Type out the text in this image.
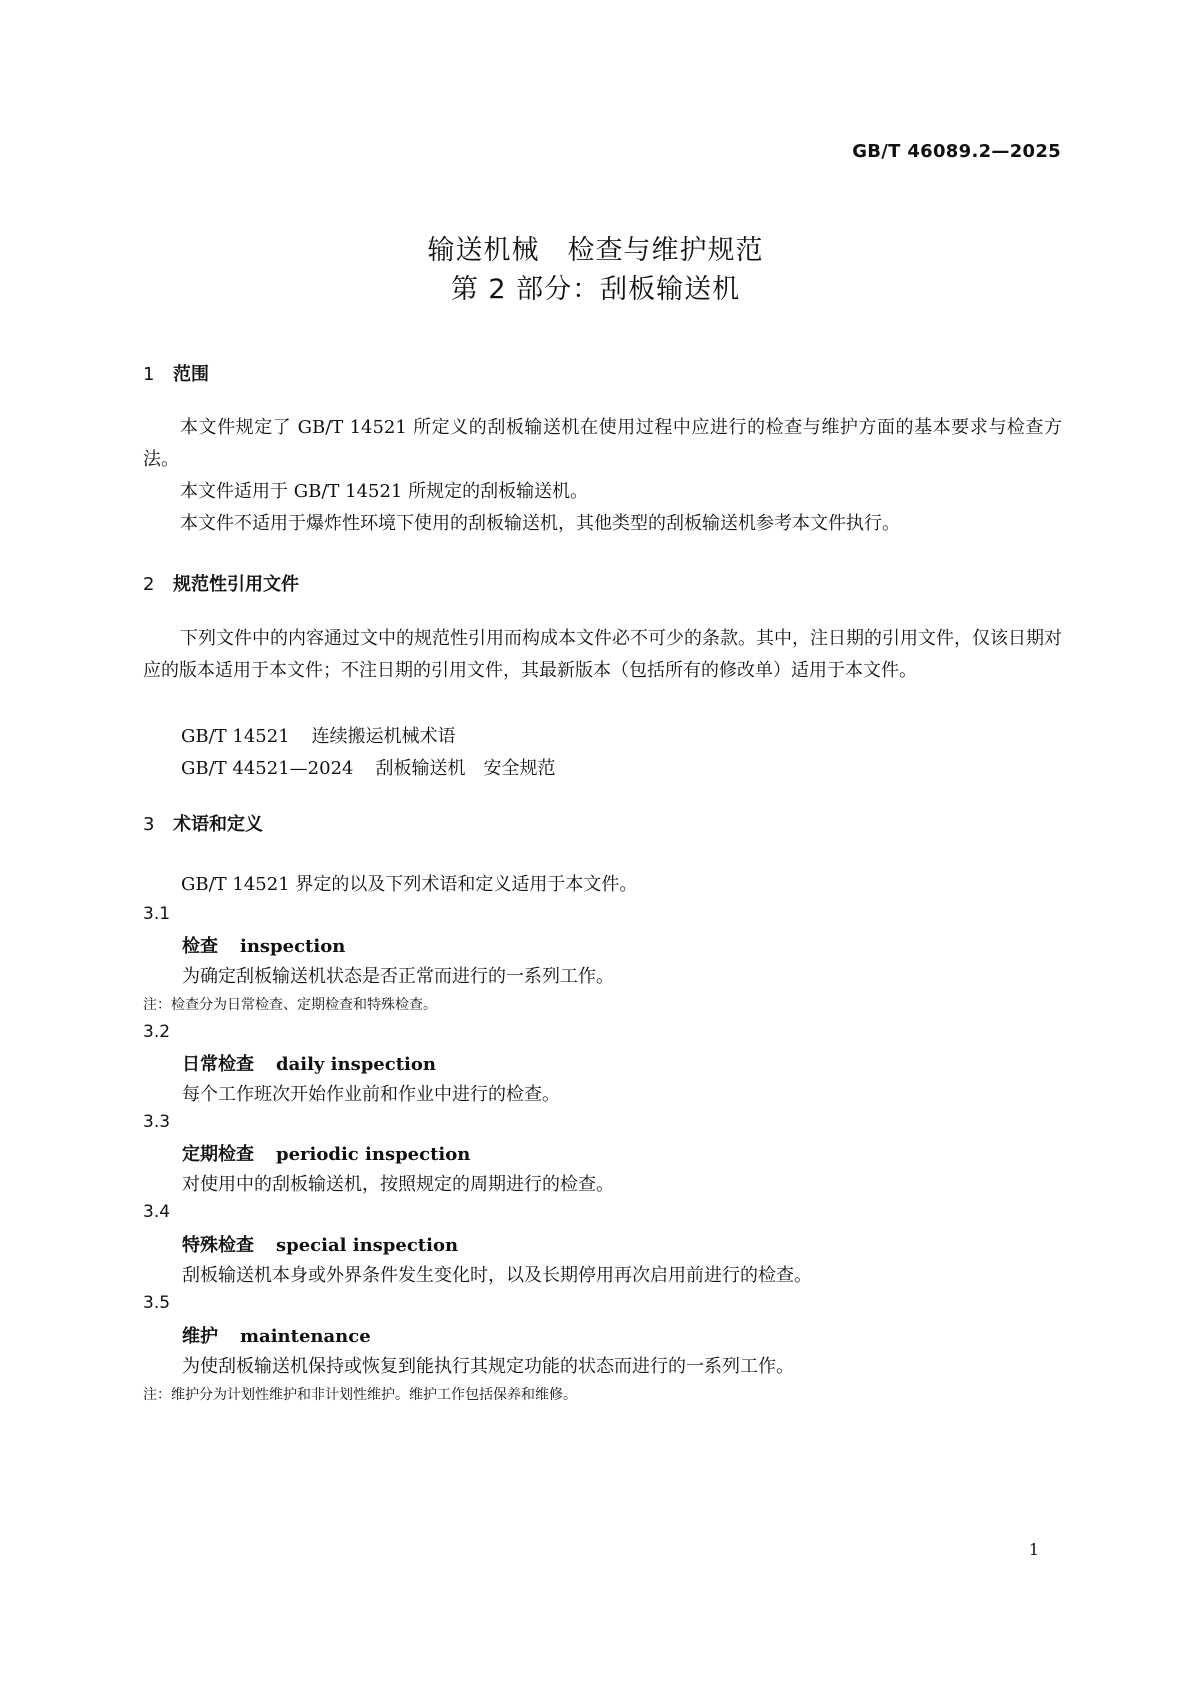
GB/T 46089.2—2025
输送机械　检查与维护规范
第 2 部分：刮板输送机
1 范围
本文件规定了 GB/T 14521 所定义的刮板输送机在使用过程中应进行的检查与维护方面的基本要求与检查方法。
本文件适用于 GB/T 14521 所规定的刮板输送机。
本文件不适用于爆炸性环境下使用的刮板输送机，其他类型的刮板输送机参考本文件执行。
2 规范性引用文件
下列文件中的内容通过文中的规范性引用而构成本文件必不可少的条款。其中，注日期的引用文件，仅该日期对应的版本适用于本文件；不注日期的引用文件，其最新版本（包括所有的修改单）适用于本文件。
GB/T 14521 连续搬运机械术语
GB/T 44521—2024 刮板输送机　安全规范
3 术语和定义
GB/T 14521 界定的以及下列术语和定义适用于本文件。
3.1
检查 inspection
为确定刮板输送机状态是否正常而进行的一系列工作。
注：检查分为日常检查、定期检查和特殊检查。
3.2
日常检查 daily inspection
每个工作班次开始作业前和作业中进行的检查。
3.3
定期检查 periodic inspection
对使用中的刮板输送机，按照规定的周期进行的检查。
3.4
特殊检查 special inspection
刮板输送机本身或外界条件发生变化时，以及长期停用再次启用前进行的检查。
3.5
维护 maintenance
为使刮板输送机保持或恢复到能执行其规定功能的状态而进行的一系列工作。
注：维护分为计划性维护和非计划性维护。维护工作包括保养和维修。
1
